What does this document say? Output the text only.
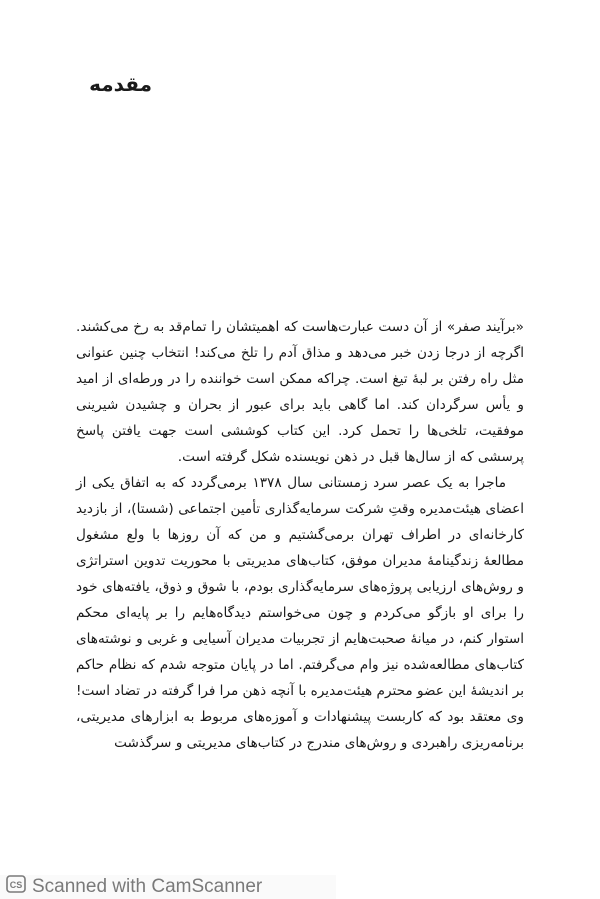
مقدمه

«برآیند صفر» از آن دست عبارت‌هاست که اهمیتشان را تمام‌قد به رخ می‌کشند. اگرچه از درجا زدن خبر می‌دهد و مذاق آدم را تلخ می‌کند! انتخاب چنین عنوانی مثل راه رفتن بر لبهٔ تیغ است. چراکه ممکن است خواننده را در ورطه‌ای از امید و یأس سرگردان کند. اما گاهی باید برای عبور از بحران و چشیدن شیرینی موفقیت، تلخی‌ها را تحمل کرد. این کتاب کوششی است جهت یافتن پاسخ پرسشی که از سال‌ها قبل در ذهن نویسنده شکل گرفته است.

ماجرا به یک عصر سرد زمستانی سال ۱۳۷۸ برمی‌گردد که به اتفاق یکی از اعضای هیئت‌مدیره وقتِ شرکت سرمایه‌گذاری تأمین اجتماعی (شستا)، از بازدید کارخانه‌ای در اطراف تهران برمی‌گشتیم و من که آن روزها با ولع مشغول مطالعهٔ زندگینامهٔ مدیران موفق، کتاب‌های مدیریتی با محوریت تدوین استراتژی و روش‌های ارزیابی پروژه‌های سرمایه‌گذاری بودم، با شوق و ذوق، یافته‌های خود را برای او بازگو می‌کردم و چون می‌خواستم دیدگاه‌هایم را بر پایه‌ای محکم استوار کنم، در میانهٔ صحبت‌هایم از تجربیات مدیران آسیایی و غربی و نوشته‌های کتاب‌های مطالعه‌شده نیز وام می‌گرفتم. اما در پایان متوجه شدم که نظام حاکم بر اندیشهٔ این عضو محترم هیئت‌مدیره با آنچه ذهن مرا فرا گرفته در تضاد است! وی معتقد بود که کاربست پیشنهادات و آموزه‌های مربوط به ابزارهای مدیریتی، برنامه‌ریزی راهبردی و روش‌های مندرج در کتاب‌های مدیریتی و سرگذشت

CS Scanned with CamScanner
